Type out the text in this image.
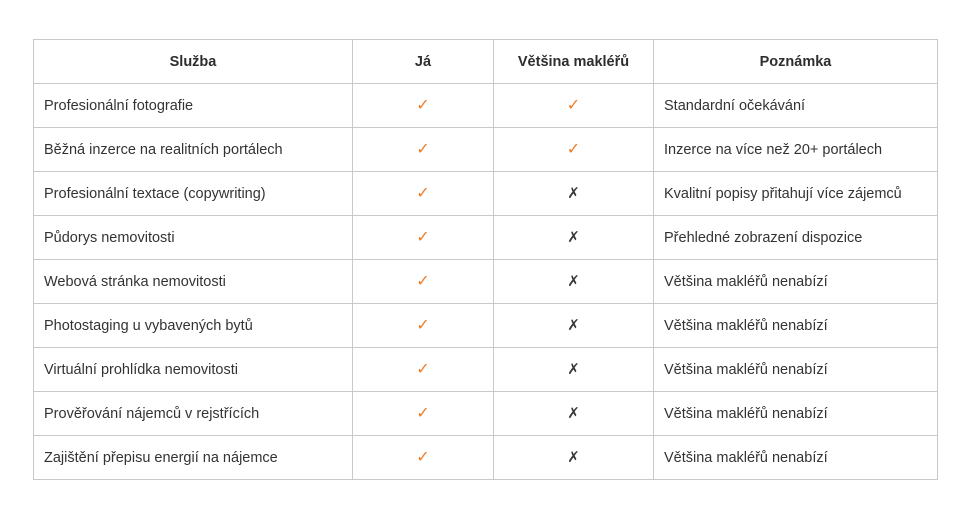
Služba	Já	Většina makléřů	Poznámka
Profesionální fotografie	✓	✓	Standardní očekávání
Běžná inzerce na realitních portálech	✓	✓	Inzerce na více než 20+ portálech
Profesionální textace (copywriting)	✓	✗	Kvalitní popisy přitahují více zájemců
Půdorys nemovitosti	✓	✗	Přehledné zobrazení dispozice
Webová stránka nemovitosti	✓	✗	Většina makléřů nenabízí
Photostaging u vybavených bytů	✓	✗	Většina makléřů nenabízí
Virtuální prohlídka nemovitosti	✓	✗	Většina makléřů nenabízí
Prověřování nájemců v rejstřících	✓	✗	Většina makléřů nenabízí
Zajištění přepisu energií na nájemce	✓	✗	Většina makléřů nenabízí
